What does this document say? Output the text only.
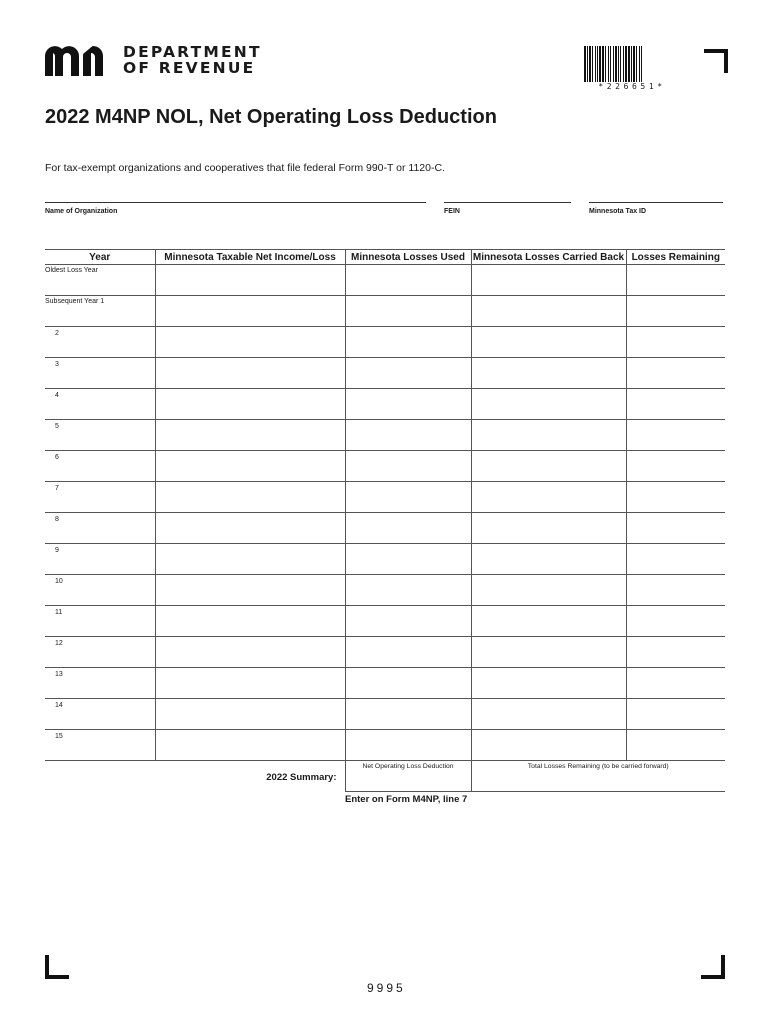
DEPARTMENT
OF REVENUE
*226651*
2022 M4NP NOL, Net Operating Loss Deduction
For tax-exempt organizations and cooperatives that file federal Form 990-T or 1120-C.
Name of Organization	FEIN	Minnesota Tax ID
Year	Minnesota Taxable Net Income/Loss	Minnesota Losses Used	Minnesota Losses Carried Back	Losses Remaining

Oldest Loss Year				

Subsequent Year 1				

2				

3				

4				

5				

6				

7				

8				

9				

10				

11				

12				

13				

14				

15				

2022 Summary:		Net Operating Loss Deduction	Total Losses Remaining (to be carried forward)	
Enter on Form M4NP, line 7
9995
